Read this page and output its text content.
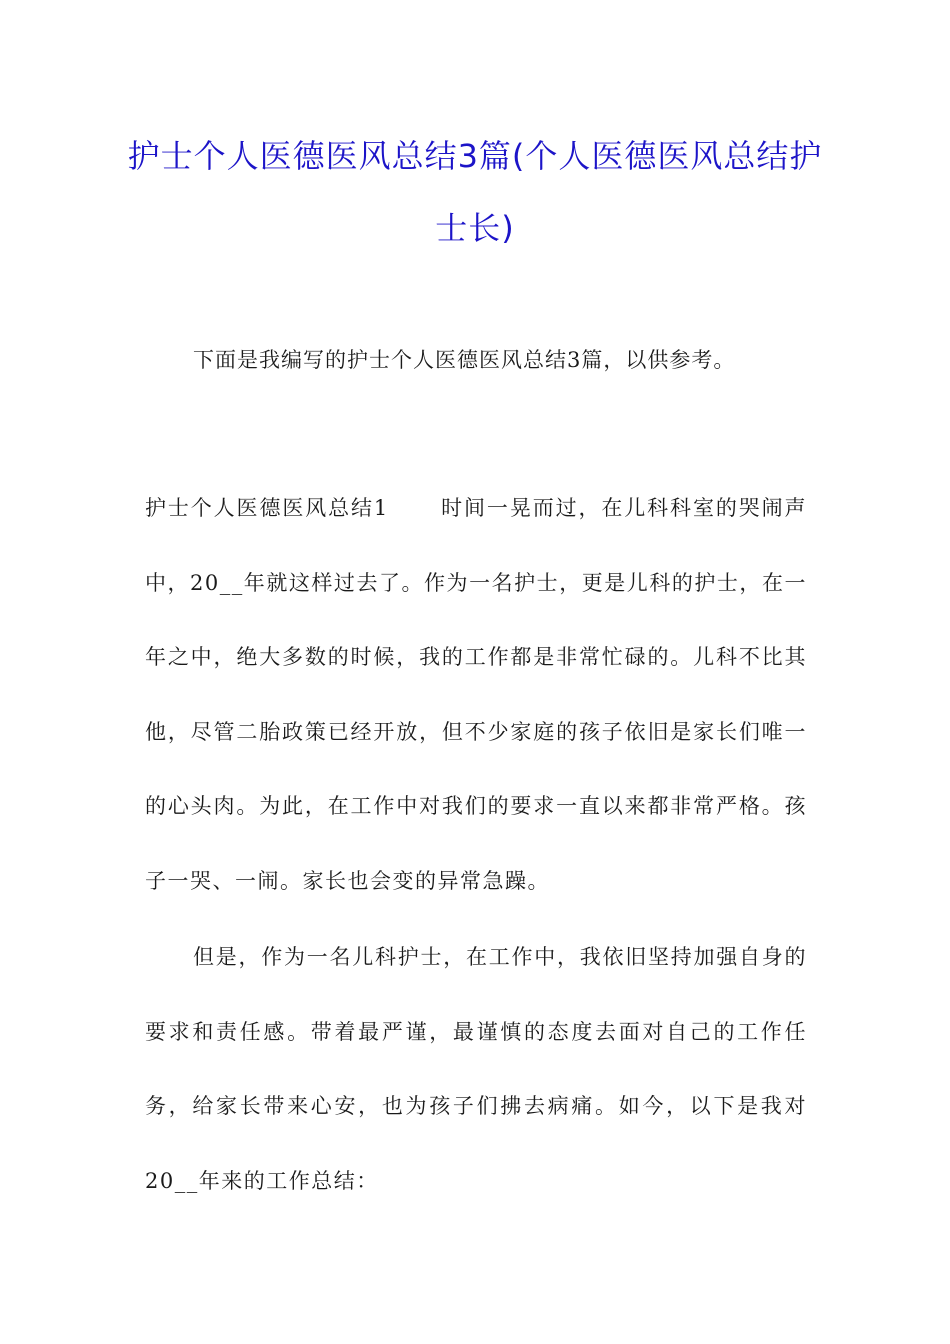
护士个人医德医风总结3篇(个人医德医风总结护士长)

下面是我编写的护士个人医德医风总结3篇，以供参考。

护士个人医德医风总结1 时间一晃而过，在儿科科室的哭闹声中，20__年就这样过去了。作为一名护士，更是儿科的护士，在一年之中，绝大多数的时候，我的工作都是非常忙碌的。儿科不比其他，尽管二胎政策已经开放，但不少家庭的孩子依旧是家长们唯一的心头肉。为此，在工作中对我们的要求一直以来都非常严格。孩子一哭、一闹。家长也会变的异常急躁。

但是，作为一名儿科护士，在工作中，我依旧坚持加强自身的要求和责任感。带着最严谨，最谨慎的态度去面对自己的工作任务，给家长带来心安，也为孩子们拂去病痛。如今，以下是我对20__年来的工作总结：
